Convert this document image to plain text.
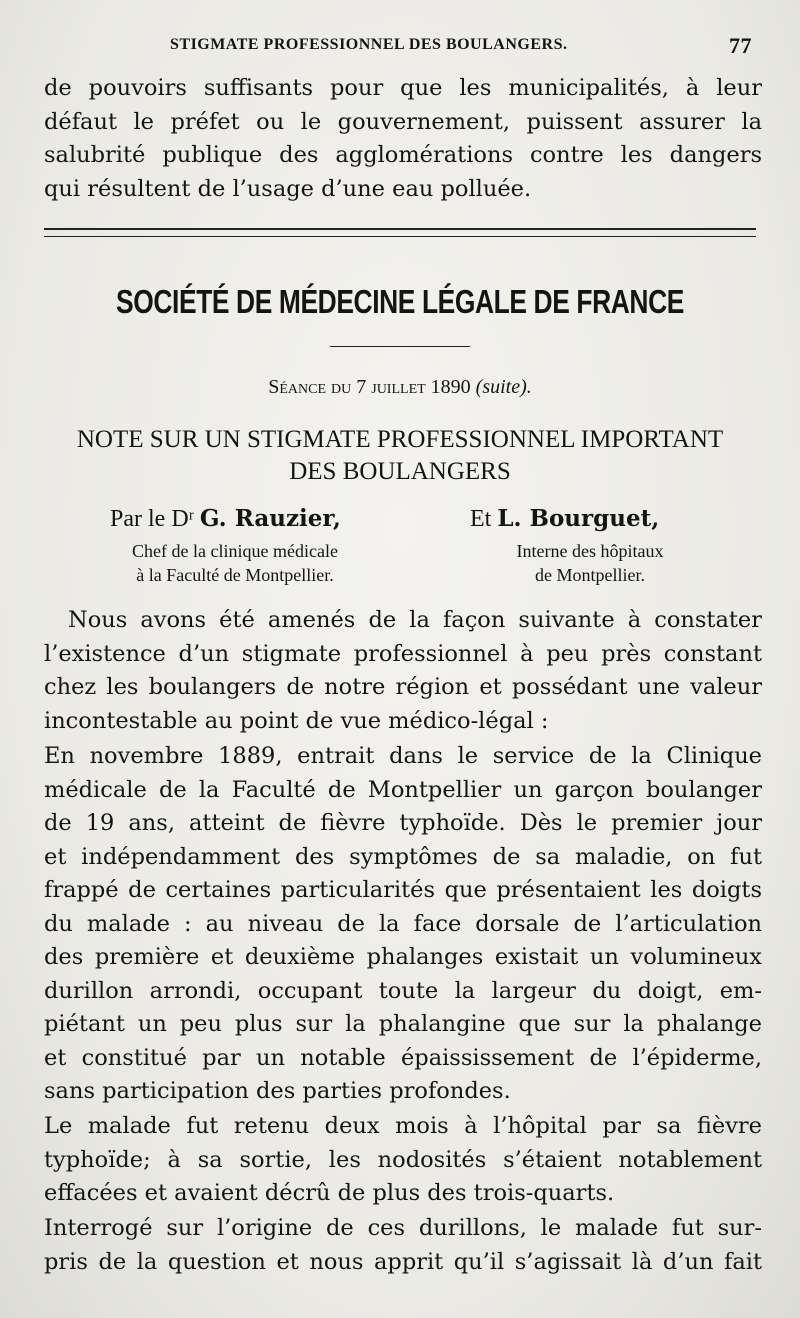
STIGMATE PROFESSIONNEL DES BOULANGERS.	77
de pouvoirs suffisants pour que les municipalités, à leur
défaut le préfet ou le gouvernement, puissent assurer la
salubrité publique des agglomérations contre les dangers
qui résultent de l’usage d’une eau polluée.
SOCIÉTÉ DE MÉDECINE LÉGALE DE FRANCE
Séance du 7 juillet 1890 (suite).
NOTE SUR UN STIGMATE PROFESSIONNEL IMPORTANT
DES BOULANGERS
Par le Dʳ G. Rauzier,	Et L. Bourguet,
Chef de la clinique médicale
à la Faculté de Montpellier.
Interne des hôpitaux
de Montpellier.
Nous avons été amenés de la façon suivante à constater
l’existence d’un stigmate professionnel à peu près constant
chez les boulangers de notre région et possédant une valeur
incontestable au point de vue médico-légal :
En novembre 1889, entrait dans le service de la Clinique
médicale de la Faculté de Montpellier un garçon boulanger
de 19 ans, atteint de fièvre typhoïde. Dès le premier jour
et indépendamment des symptômes de sa maladie, on fut
frappé de certaines particularités que présentaient les doigts
du malade : au niveau de la face dorsale de l’articulation
des première et deuxième phalanges existait un volumineux
durillon arrondi, occupant toute la largeur du doigt, em-
piétant un peu plus sur la phalangine que sur la phalange
et constitué par un notable épaississement de l’épiderme,
sans participation des parties profondes.
Le malade fut retenu deux mois à l’hôpital par sa fièvre
typhoïde; à sa sortie, les nodosités s’étaient notablement
effacées et avaient décrû de plus des trois-quarts.
Interrogé sur l’origine de ces durillons, le malade fut sur-
pris de la question et nous apprit qu’il s’agissait là d’un fait
